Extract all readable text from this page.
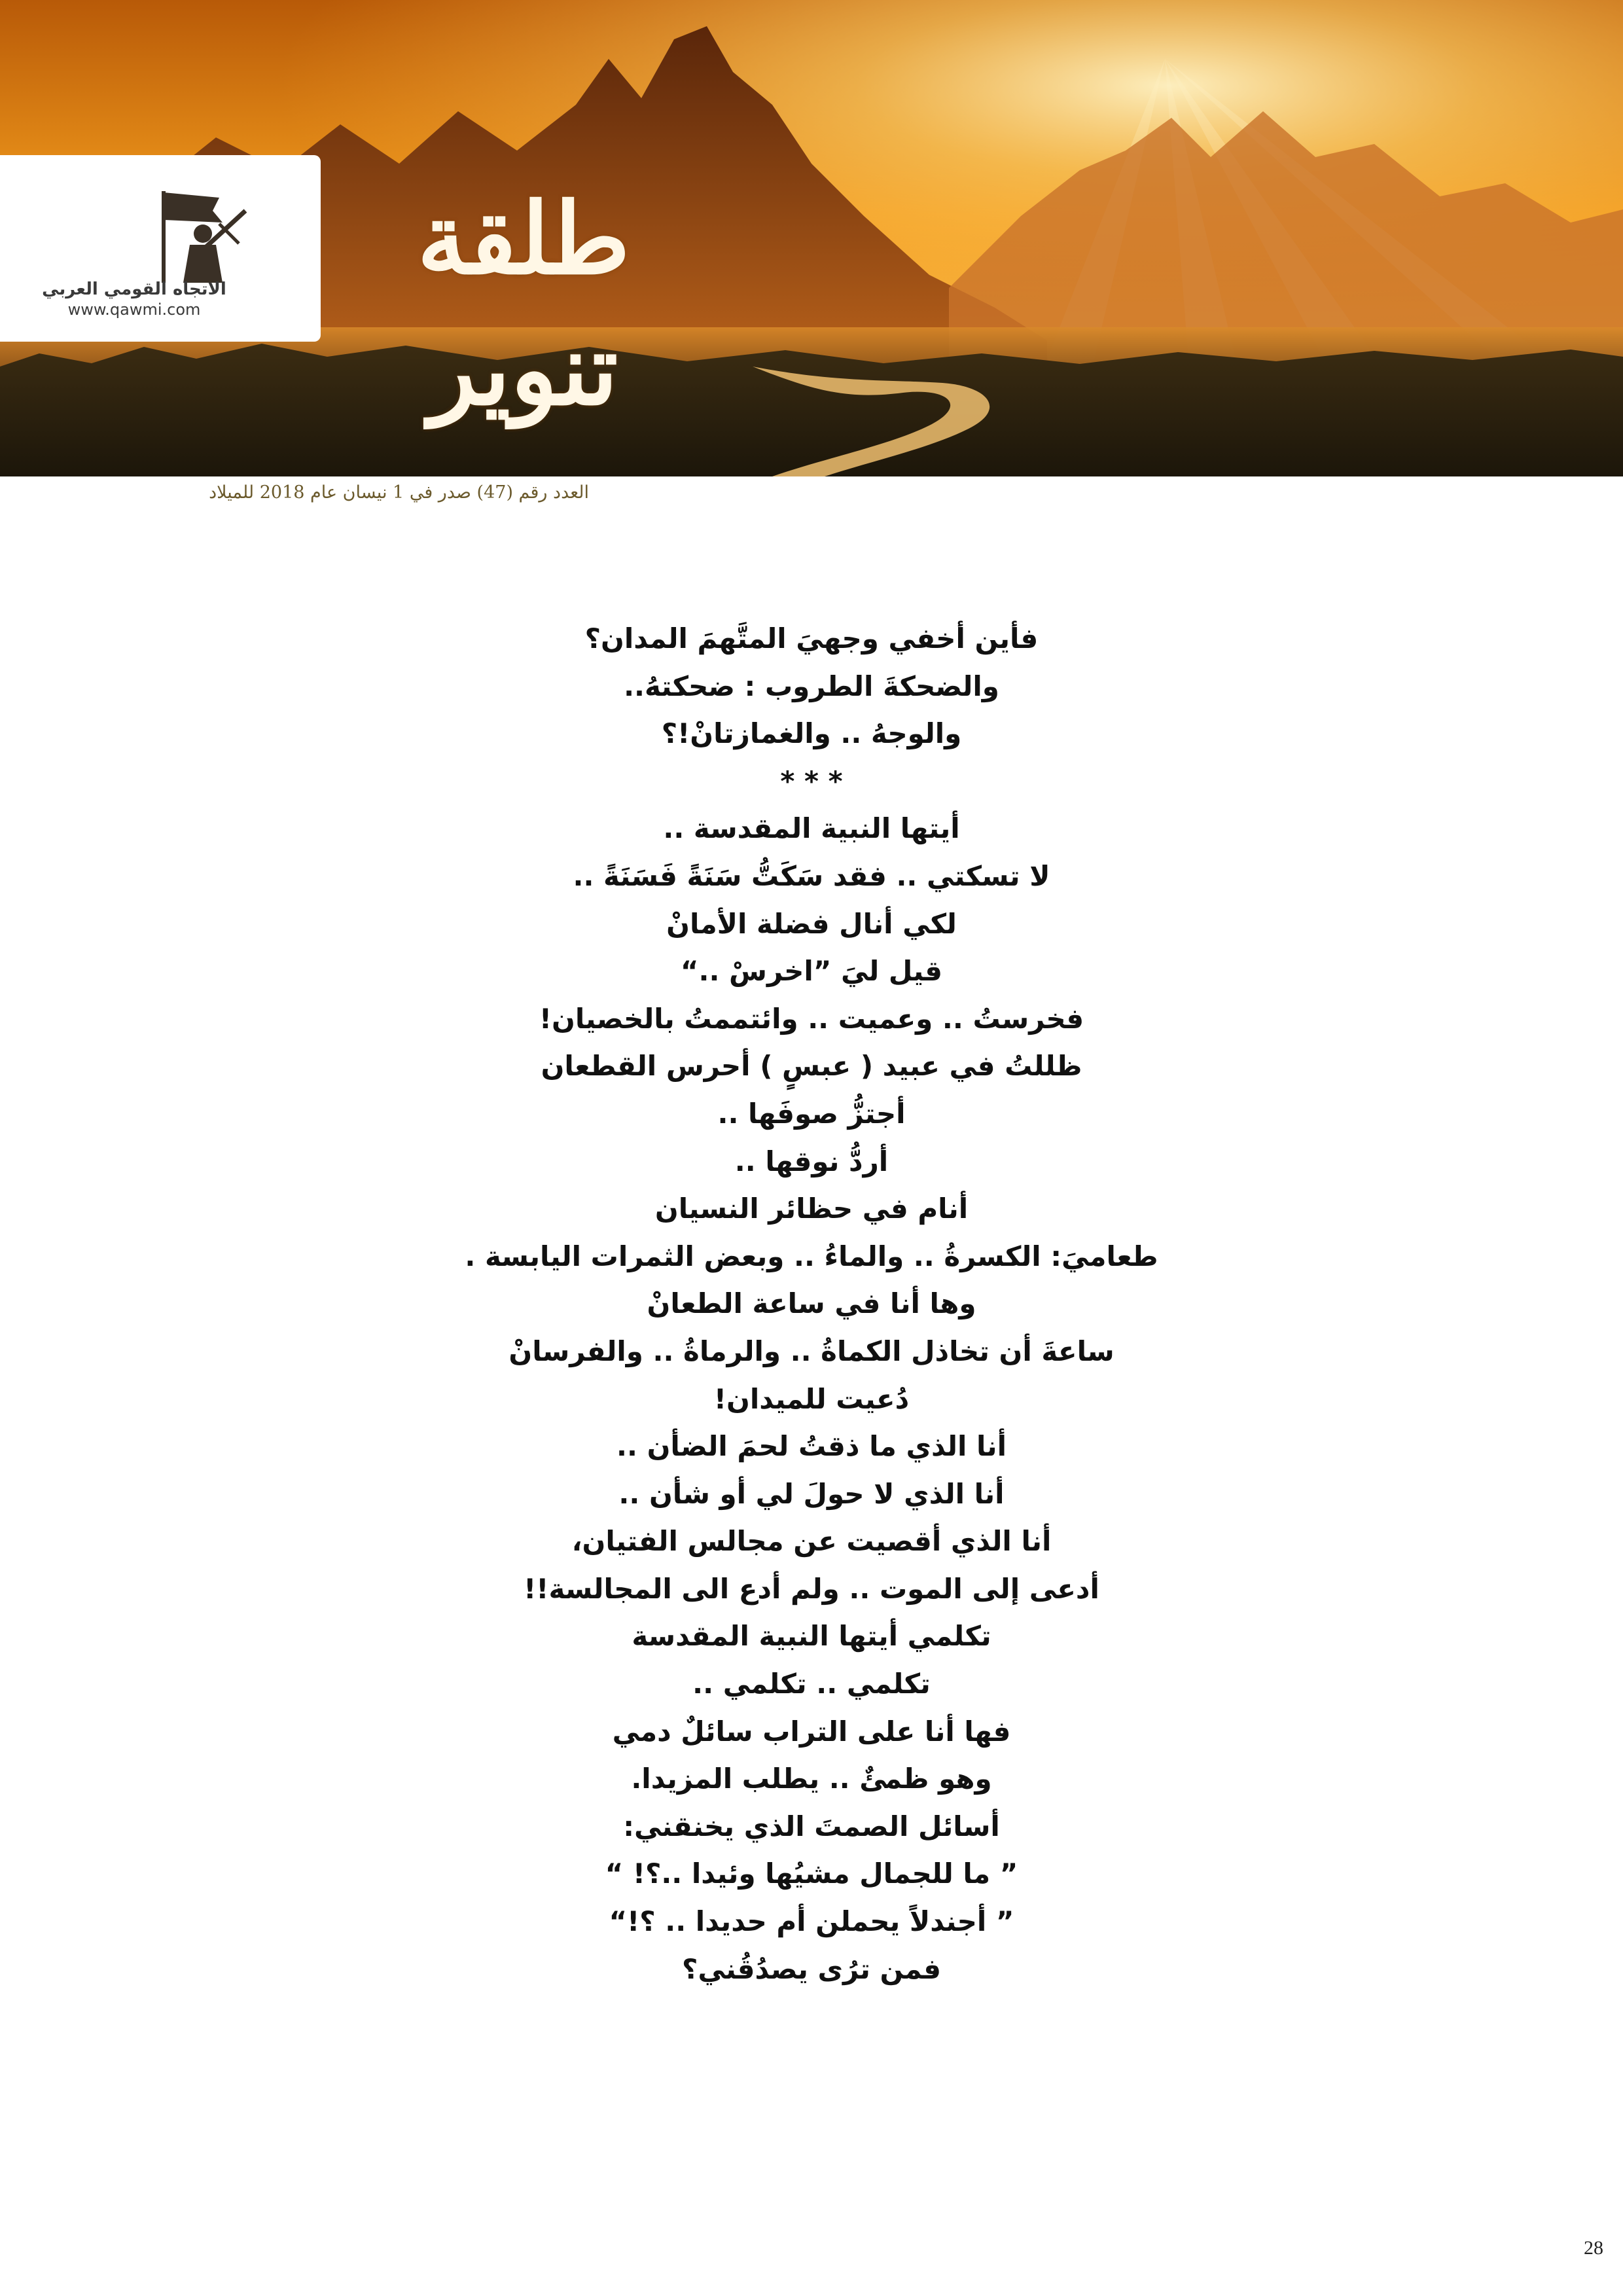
الاتجاه القومي العربي
www.qawmi.com
طلقة تنوير
العدد رقم (47) صدر في 1 نيسان عام 2018 للميلاد
فأين أخفي وجهيَ المتَّهمَ المدان؟
والضحكةَ الطروب : ضحكتهُ..
والوجهُ .. والغمازتانْ!؟
* * *
أيتها النبية المقدسة ..
لا تسكتي .. فقد سَكَتُّ سَنَةً فَسَنَةً ..
لكي أنال فضلة الأمانْ
قيل ليَ ”اخرسْ ..“
فخرستُ .. وعميت .. وائتممتُ بالخصيان!
ظللتُ في عبيد ( عبسٍ ) أحرس القطعان
أجتزُّ صوفَها ..
أردُّ نوقها ..
أنام في حظائر النسيان
طعاميَ: الكسرةُ .. والماءُ .. وبعض الثمرات اليابسة .
وها أنا في ساعة الطعانْ
ساعةَ أن تخاذل الكماةُ .. والرماةُ .. والفرسانْ
دُعيت للميدان!
أنا الذي ما ذقتُ لحمَ الضأن ..
أنا الذي لا حولَ لي أو شأن ..
أنا الذي أقصيت عن مجالس الفتيان،
أدعى إلى الموت .. ولم أدع الى المجالسة!!
تكلمي أيتها النبية المقدسة
تكلمي .. تكلمي ..
فها أنا على التراب سائلٌ دمي
وهو ظمئٌ .. يطلب المزيدا.
أسائل الصمتَ الذي يخنقني:
” ما للجمال مشيُها وئيدا ..؟! “
” أجندلاً يحملن أم حديدا .. ؟!“
فمن ترُى يصدُقُني؟
28
